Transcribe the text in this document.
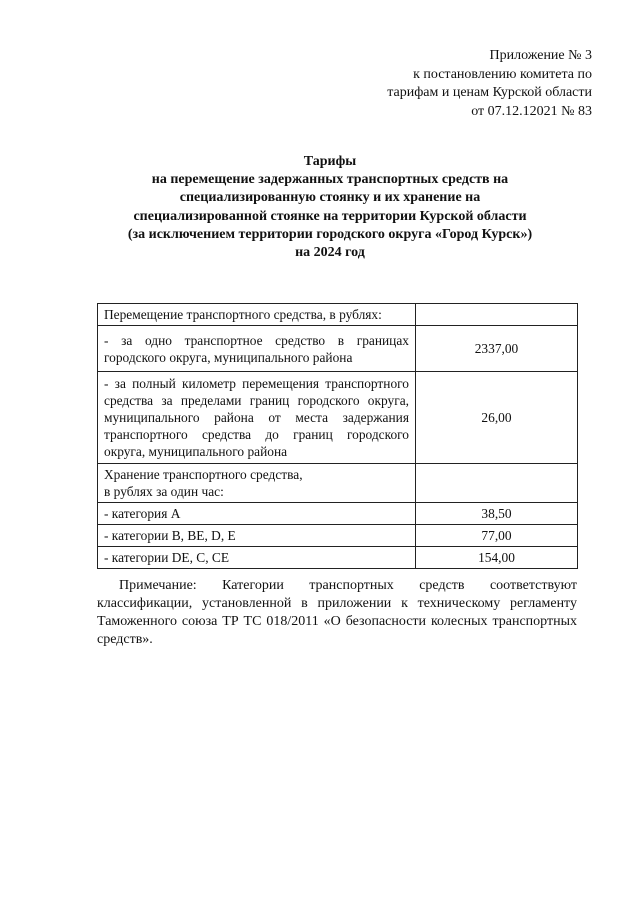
Приложение № 3
к постановлению комитета по
тарифам и ценам Курской области
от 07.12.12021 № 83
Тарифы
на перемещение задержанных транспортных средств на
специализированную стоянку и их хранение на
специализированной стоянке на территории Курской области
(за исключением территории городского округа «Город Курск»)
на 2024 год
Перемещение транспортного средства, в рублях:	
- за одно транспортное средство в границах городского округа, муниципального района	2337,00
- за полный километр перемещения транспортного средства за пределами границ городского округа, муниципального района от места задержания транспортного средства до границ городского округа, муниципального района	26,00

Хранение транспортного средства,
в рублях за один час:	

- категория А	38,50
- категории B, BE, D, E	77,00
- категории DE, C, CE	154,00
Примечание: Категории транспортных средств соответствуют классификации, установленной в приложении к техническому регламенту Таможенного союза ТР ТС 018/2011 «О безопасности колесных транспортных средств».
